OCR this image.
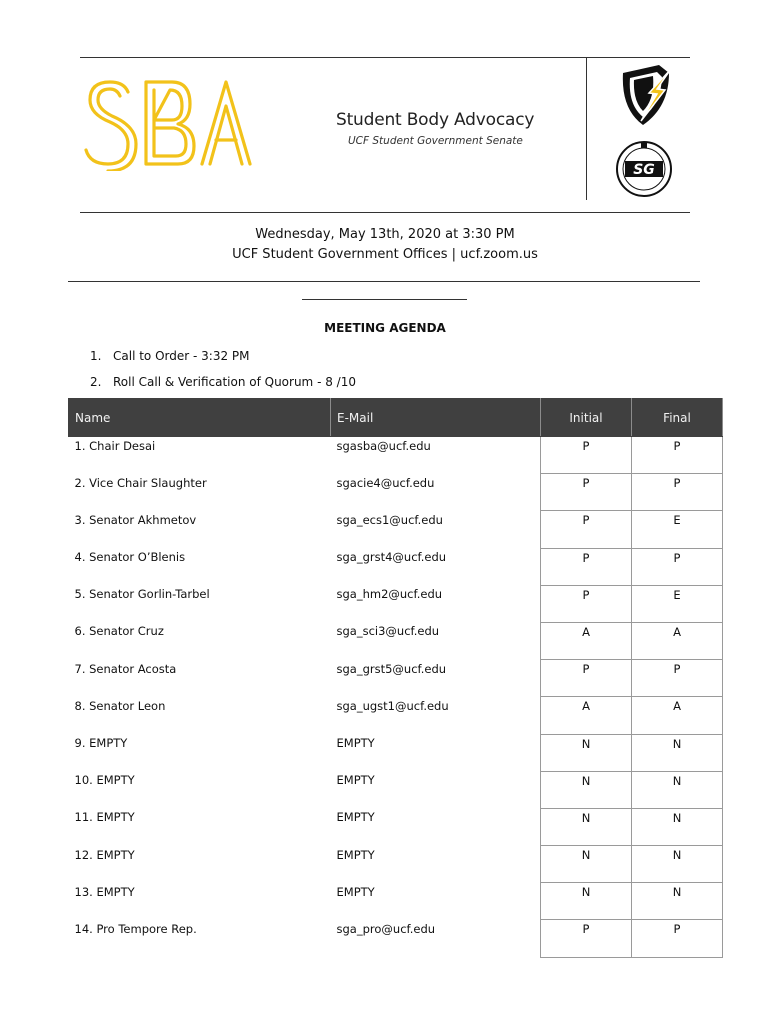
Student Body Advocacy
UCF Student Government Senate
SG
Wednesday, May 13th, 2020 at 3:30 PM
UCF Student Government Offices | ucf.zoom.us
MEETING AGENDA
1. Call to Order - 3:32 PM
2. Roll Call & Verification of Quorum - 8 /10
Name	E-Mail	Initial	Final
1. Chair Desai	sgasba@ucf.edu	P	P
2. Vice Chair Slaughter	sgacie4@ucf.edu	P	P
3. Senator Akhmetov	sga_ecs1@ucf.edu	P	E
4. Senator O’Blenis	sga_grst4@ucf.edu	P	P
5. Senator Gorlin-Tarbel	sga_hm2@ucf.edu	P	E
6. Senator Cruz	sga_sci3@ucf.edu	A	A
7. Senator Acosta	sga_grst5@ucf.edu	P	P
8. Senator Leon	sga_ugst1@ucf.edu	A	A
9. EMPTY	EMPTY	N	N
10. EMPTY	EMPTY	N	N
11. EMPTY	EMPTY	N	N
12. EMPTY	EMPTY	N	N
13. EMPTY	EMPTY	N	N
14. Pro Tempore Rep.	sga_pro@ucf.edu	P	P
